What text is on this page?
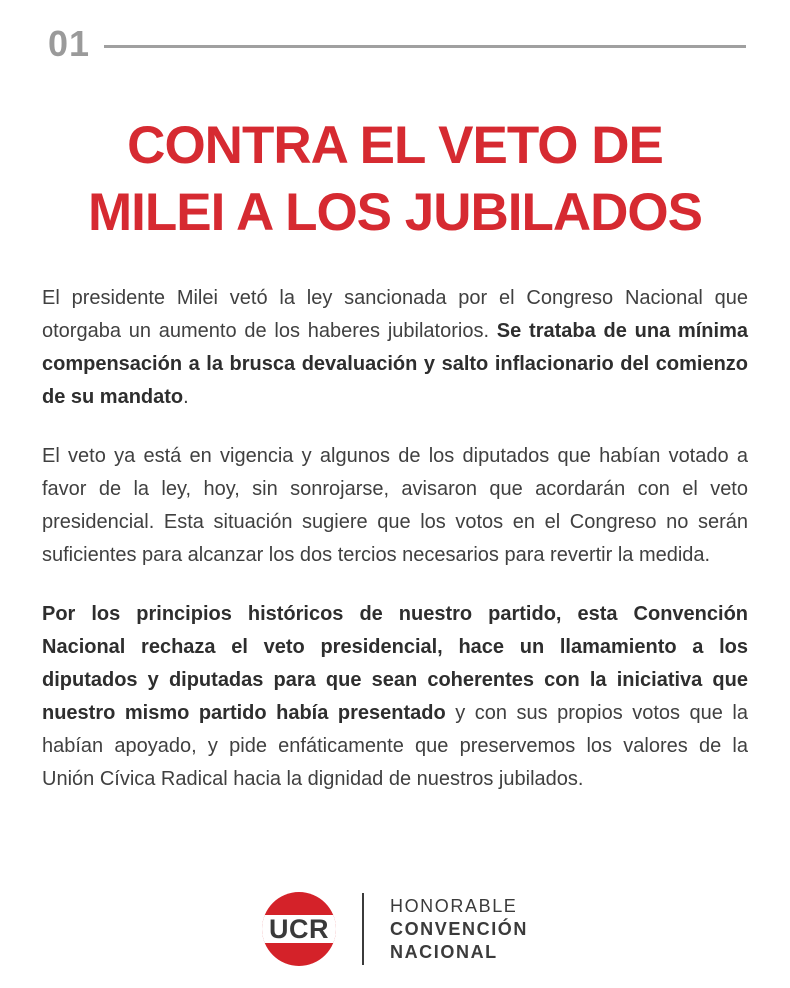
01
CONTRA EL VETO DE
MILEI A LOS JUBILADOS

El presidente Milei vetó la ley sancionada por el Congreso Nacional que otorgaba un aumento de los haberes jubilatorios. Se trataba de una mínima compensación a la brusca devaluación y salto inflacionario del comienzo de su mandato.

El veto ya está en vigencia y algunos de los diputados que habían votado a favor de la ley, hoy, sin sonrojarse, avisaron que acordarán con el veto presidencial. Esta situación sugiere que los votos en el Congreso no serán suficientes para alcanzar los dos tercios necesarios para revertir la medida.

Por los principios históricos de nuestro partido, esta Convención Nacional rechaza el veto presidencial, hace un llamamiento a los diputados y diputadas para que sean coherentes con la iniciativa que nuestro mismo partido había presentado y con sus propios votos que la habían apoyado, y pide enfáticamente que preservemos los valores de la Unión Cívica Radical hacia la dignidad de nuestros jubilados.

UCR
HONORABLE
CONVENCIÓN
NACIONAL
